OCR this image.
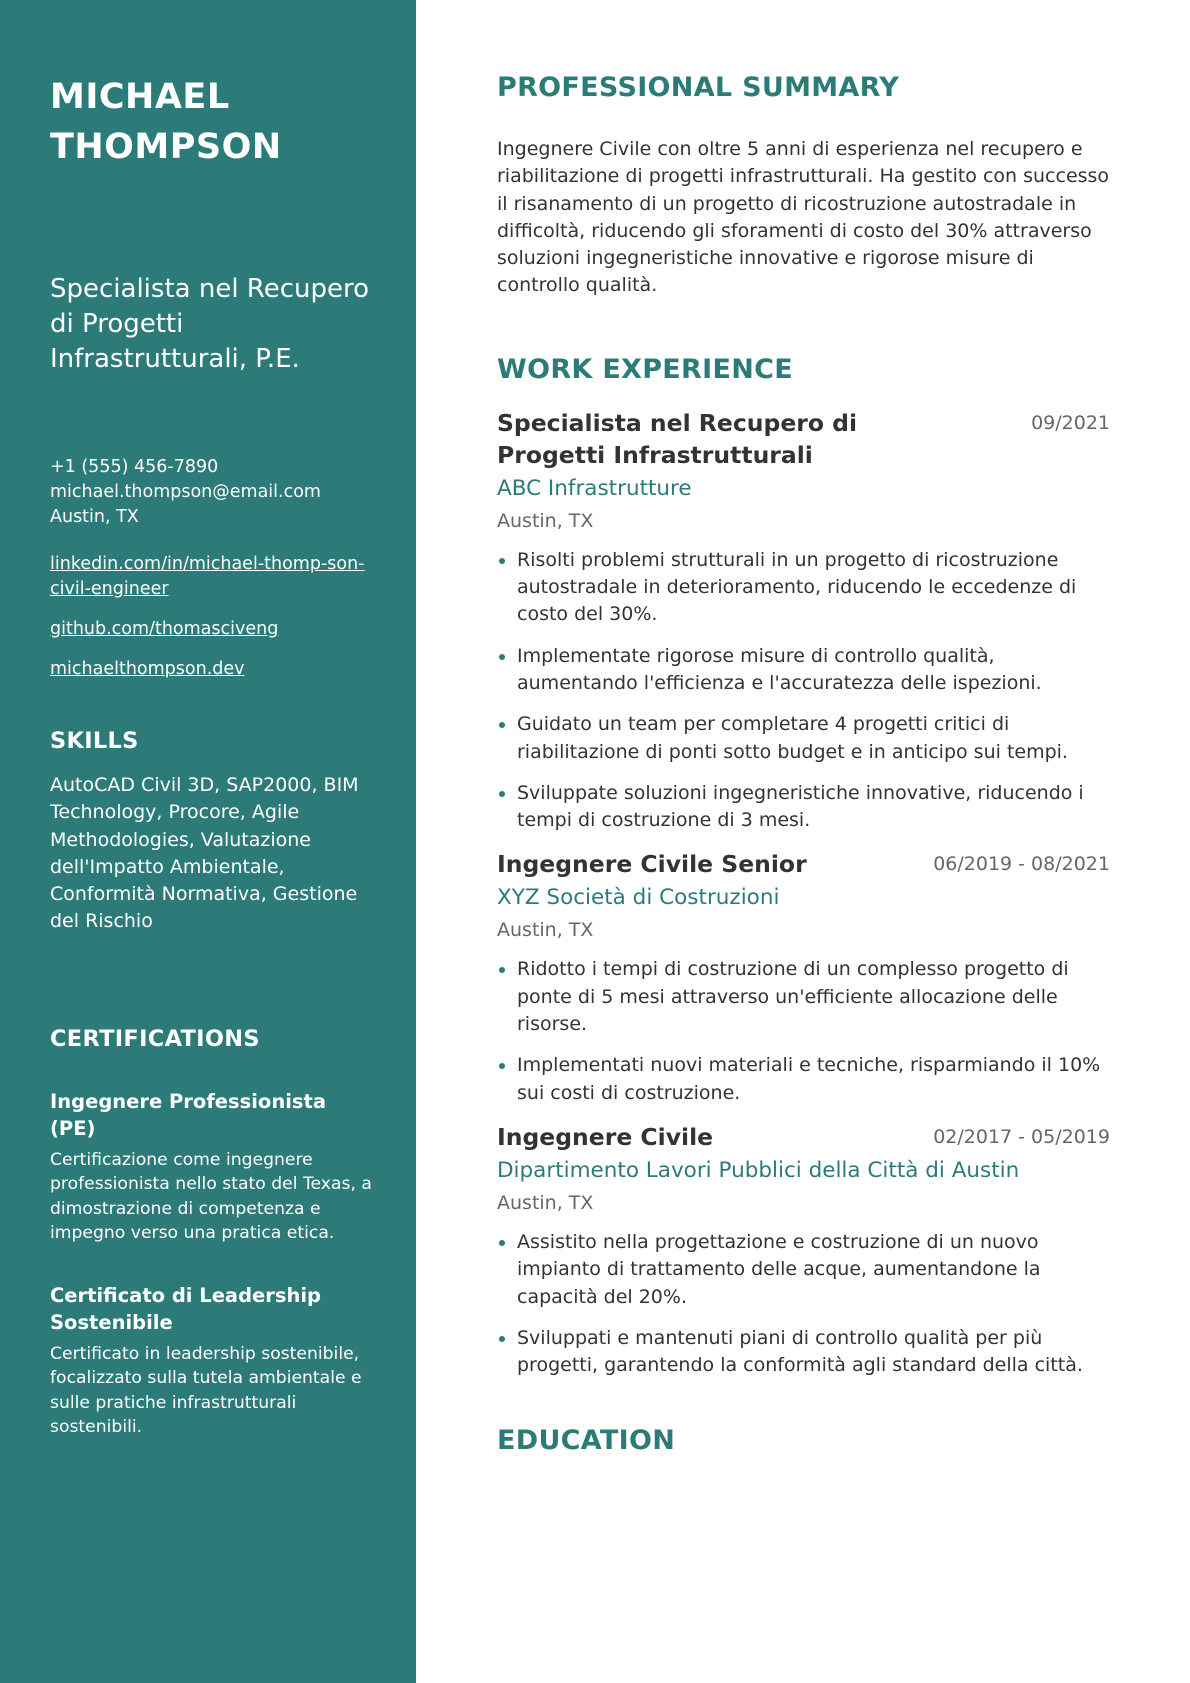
MICHAEL
THOMPSON
Specialista nel Recupero di Progetti Infrastrutturali, P.E.
+1 (555) 456-7890
michael.thompson@email.com
Austin, TX
linkedin.com/in/michael-thomp-son-civil-engineer
github.com/thomasciveng
michaelthompson.dev
SKILLS
AutoCAD Civil 3D, SAP2000, BIM Technology, Procore, Agile Methodologies, Valutazione dell'Impatto Ambientale, Conformità Normativa, Gestione del Rischio
CERTIFICATIONS
Ingegnere Professionista (PE)
Certificazione come ingegnere professionista nello stato del Texas, a dimostrazione di competenza e impegno verso una pratica etica.
Certificato di Leadership Sostenibile
Certificato in leadership sostenibile, focalizzato sulla tutela ambientale e sulle pratiche infrastrutturali sostenibili.
PROFESSIONAL SUMMARY

Ingegnere Civile con oltre 5 anni di esperienza nel recupero e riabilitazione di progetti infrastrutturali. Ha gestito con successo il risanamento di un progetto di ricostruzione autostradale in difficoltà, riducendo gli sforamenti di costo del 30% attraverso soluzioni ingegneristiche innovative e rigorose misure di controllo qualità.

WORK EXPERIENCE
Specialista nel Recupero di Progetti Infrastrutturali
09/2021
ABC Infrastrutture
Austin, TX
Risolti problemi strutturali in un progetto di ricostruzione autostradale in deterioramento, riducendo le eccedenze di costo del 30%.
Implementate rigorose misure di controllo qualità, aumentando l'efficienza e l'accuratezza delle ispezioni.
Guidato un team per completare 4 progetti critici di riabilitazione di ponti sotto budget e in anticipo sui tempi.
Sviluppate soluzioni ingegneristiche innovative, riducendo i tempi di costruzione di 3 mesi.
Ingegnere Civile Senior	06/2019 - 08/2021
XYZ Società di Costruzioni
Austin, TX
Ridotto i tempi di costruzione di un complesso progetto di ponte di 5 mesi attraverso un'efficiente allocazione delle risorse.
Implementati nuovi materiali e tecniche, risparmiando il 10% sui costi di costruzione.
Ingegnere Civile	02/2017 - 05/2019
Dipartimento Lavori Pubblici della Città di Austin
Austin, TX
Assistito nella progettazione e costruzione di un nuovo impianto di trattamento delle acque, aumentandone la capacità del 20%.
Sviluppati e mantenuti piani di controllo qualità per più progetti, garantendo la conformità agli standard della città.
EDUCATION
